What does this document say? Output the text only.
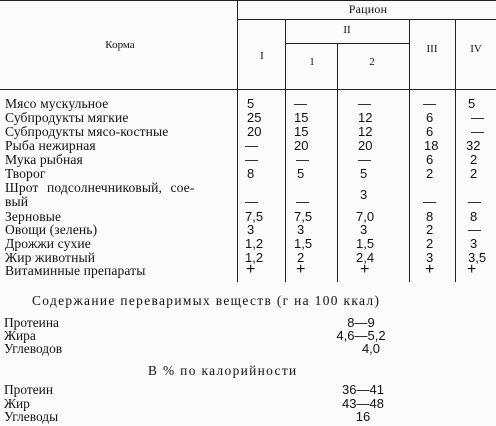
Корма
Рацион
II
I	1	2
III	IV
Мясо мускульное	5	—	—	— 5
Субпродукты мягкие	25	15	12	6	—
Субпродукты мясо-костные	20	15	12	6	—
Рыба нежирная	—	20	20	18 32
Мука рыбная	—	—	—	6	2
Творог	8	5	5	2	2
Шрот подсолнечниковый, сое-
вый	—	—	3	— —
Зерновые	7,5 7,5	7,0	8	8
Овощи (зелень)	3	3	3	2	—
Дрожжи сухие	1,2 1,5	1,5	2	3
Жир животный	1,2	2	2,4	3	3,5
Витаминные препараты	+	+	+	+ +
Содержание переваримых веществ (г на 100 ккал)
Протеина	8—9
Жира	4,6—5,2
Углеводов	4,0
В % по калорийности
Протеин	36—41
Жир	43—48
Углеводы	16
